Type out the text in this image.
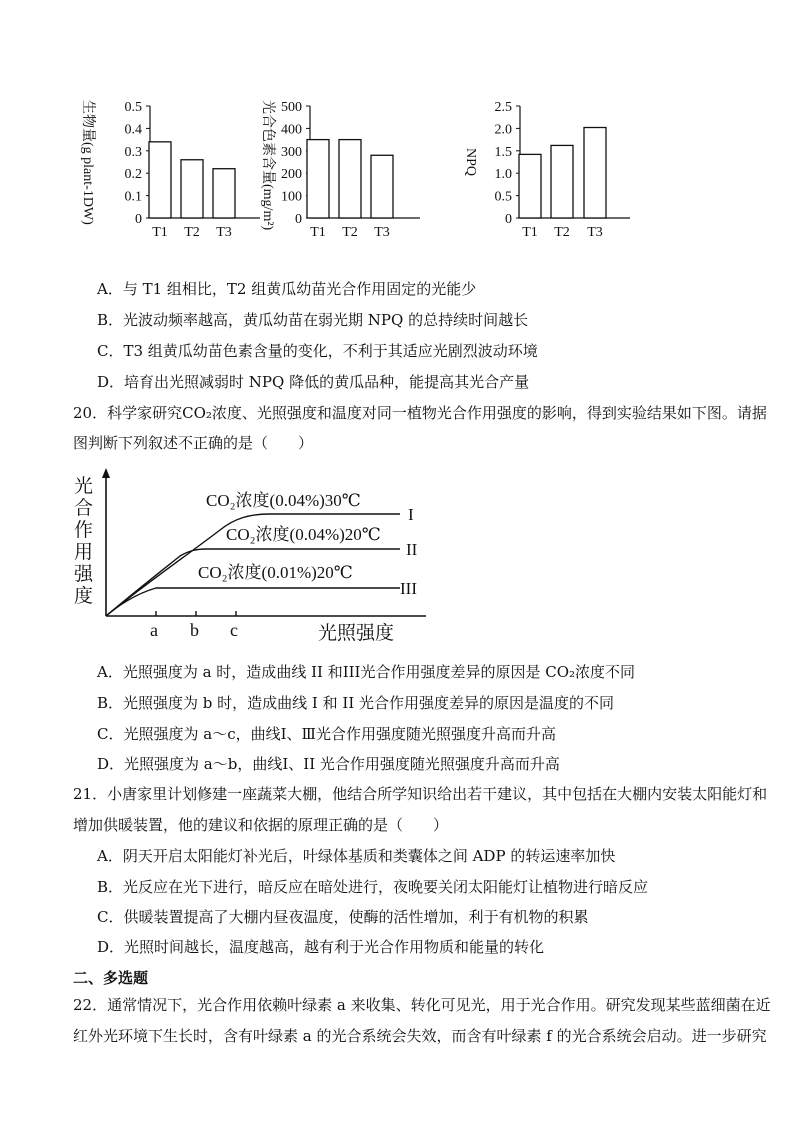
0.5
0.4
0.3
0.2
0.1
0
T1 T2 T3
生物量(g plant-1DW)	500
400
300
200
100
0
T1 T2 T3
光合色素含量(mg/m²)	2.5
2.0
1.5
1.0
0.5
0
T1 T2 T3
NPQ
A．与 T1 组相比，T2 组黄瓜幼苗光合作用固定的光能少
B．光波动频率越高，黄瓜幼苗在弱光期 NPQ 的总持续时间越长
C．T3 组黄瓜幼苗色素含量的变化，不利于其适应光剧烈波动环境
D．培育出光照减弱时 NPQ 降低的黄瓜品种，能提高其光合产量
20．科学家研究CO₂浓度、光照强度和温度对同一植物光合作用强度的影响，得到实验结果如下图。请据
图判断下列叙述不正确的是（　　）
光合作用强度
CO₂浓度(0.04%)30℃
CO₂浓度(0.04%)20℃
CO₂浓度(0.01%)20℃
I
II
III
a b c	光照强度
A．光照强度为 a 时，造成曲线 II 和III光合作用强度差异的原因是 CO₂浓度不同
B．光照强度为 b 时，造成曲线 I 和 II 光合作用强度差异的原因是温度的不同
C．光照强度为 a～c，曲线Ⅰ、Ⅲ光合作用强度随光照强度升高而升高
D．光照强度为 a～b，曲线Ⅰ、II 光合作用强度随光照强度升高而升高
21．小唐家里计划修建一座蔬菜大棚，他结合所学知识给出若干建议，其中包括在大棚内安装太阳能灯和
增加供暖装置，他的建议和依据的原理正确的是（　　）
A．阴天开启太阳能灯补光后，叶绿体基质和类囊体之间 ADP 的转运速率加快
B．光反应在光下进行，暗反应在暗处进行，夜晚要关闭太阳能灯让植物进行暗反应
C．供暖装置提高了大棚内昼夜温度，使酶的活性增加，利于有机物的积累
D．光照时间越长，温度越高，越有利于光合作用物质和能量的转化
二、多选题
22．通常情况下，光合作用依赖叶绿素 a 来收集、转化可见光，用于光合作用。研究发现某些蓝细菌在近
红外光环境下生长时，含有叶绿素 a 的光合系统会失效，而含有叶绿素 f 的光合系统会启动。进一步研究
